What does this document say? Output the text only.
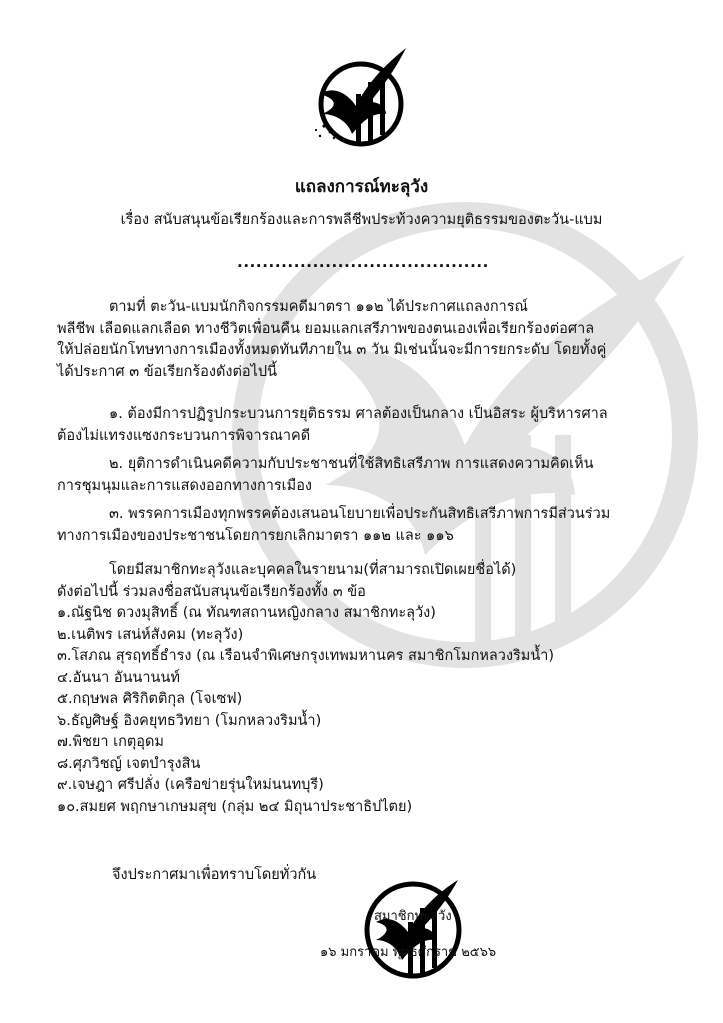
แถลงการณ์ทะลุวัง
เรื่อง สนับสนุนข้อเรียกร้องและการพลีชีพประท้วงความยุติธรรมของตะวัน-แบม
........................................
ตามที่ ตะวัน-แบมนักกิจกรรมคดีมาตรา ๑๑๒ ได้ประกาศแถลงการณ์
พลีชีพ เลือดแลกเลือด ทางชีวิตเพื่อนคืน ยอมแลกเสรีภาพของตนเองเพื่อเรียกร้องต่อศาล
ให้ปล่อยนักโทษทางการเมืองทั้งหมดทันทีภายใน ๓ วัน มิเช่นนั้นจะมีการยกระดับ โดยทั้งคู่
ได้ประกาศ ๓ ข้อเรียกร้องดังต่อไปนี้
๑. ต้องมีการปฏิรูปกระบวนการยุติธรรม ศาลต้องเป็นกลาง เป็นอิสระ ผู้บริหารศาล
ต้องไม่แทรงแซงกระบวนการพิจารณาคดี
๒. ยุติการดำเนินคดีความกับประชาชนที่ใช้สิทธิเสรีภาพ การแสดงความคิดเห็น
การชุมนุมและการแสดงออกทางการเมือง
๓. พรรคการเมืองทุกพรรคต้องเสนอนโยบายเพื่อประกันสิทธิเสรีภาพการมีส่วนร่วม
ทางการเมืองของประชาชนโดยการยกเลิกมาตรา ๑๑๒ และ ๑๑๖
โดยมีสมาชิกทะลุวังและบุคคลในรายนาม(ที่สามารถเปิดเผยชื่อได้)
ดังต่อไปนี้ ร่วมลงชื่อสนับสนุนข้อเรียกร้องทั้ง ๓ ข้อ
๑.ณัฐนิช ดวงมุสิทธิ์ (ณ ทัณฑสถานหญิงกลาง สมาชิกทะลุวัง)
๒.เนติพร เสน่ห์สังคม (ทะลุวัง)
๓.โสภณ สุรฤทธิ์ธำรง (ณ เรือนจำพิเศษกรุงเทพมหานคร สมาชิกโมกหลวงริมน้ำ)
๔.อันนา อันนานนท์
๕.กฤษพล ศิริกิตติกุล (โจเซฟ)
๖.ธัญศิษฐ์ อิงคยุทธวิทยา (โมกหลวงริมน้ำ)
๗.พิชยา เกตุอุดม
๘.ศุภวิชญ์ เจตบำรุงสิน
๙.เจษฎา ศรีปลั่ง (เครือข่ายรุ่นใหม่นนทบุรี)
๑๐.สมยศ พฤกษาเกษมสุข (กลุ่ม ๒๔ มิถุนาประชาธิปไตย)
จึงประกาศมาเพื่อทราบโดยทั่วกัน
สมาชิกทะลุวัง
๑๖ มกราคม พุทธศักราช ๒๕๖๖
